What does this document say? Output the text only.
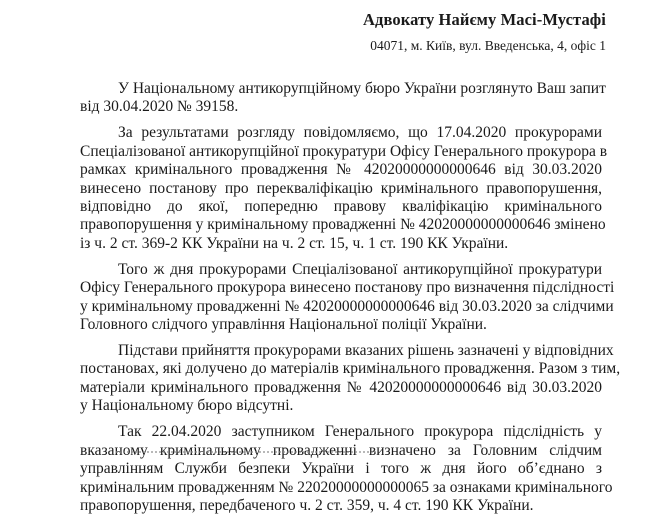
Адвокату Найєму Масі-Мустафі
04071, м. Київ, вул. Введенська, 4, офіс 1

У Національному антикорупційному бюро України розглянуто Ваш запит
від 30.04.2020 № 39158.

За результатами розгляду повідомляємо, що 17.04.2020 прокурорами
Спеціалізованої антикорупційної прокуратури Офісу Генерального прокурора в
рамках кримінального провадження № 42020000000000646 від 30.03.2020
винесено постанову про перекваліфікацію кримінального правопорушення,
відповідно до якої, попередню правову кваліфікацію кримінального
правопорушення у кримінальному провадженні № 42020000000000646 змінено
із ч. 2 ст. 369-2 КК України на ч. 2 ст. 15, ч. 1 ст. 190 КК України.

Того ж дня прокурорами Спеціалізованої антикорупційної прокуратури
Офісу Генерального прокурора винесено постанову про визначення підслідності
у кримінальному провадженні № 42020000000000646 від 30.03.2020 за слідчими
Головного слідчого управління Національної поліції України.

Підстави прийняття прокурорами вказаних рішень зазначені у відповідних
постановах, які долучено до матеріалів кримінального провадження. Разом з тим,
матеріали кримінального провадження № 42020000000000646 від 30.03.2020
у Національному бюро відсутні.

Так 22.04.2020 заступником Генерального прокурора підслідність у
вказаному кримінальному провадженні визначено за Головним слідчим
управлінням Служби безпеки України і того ж дня його об’єднано з
кримінальним провадженням № 22020000000000065 за ознаками кримінального
правопорушення, передбаченого ч. 2 ст. 359, ч. 4 ст. 190 КК України.
